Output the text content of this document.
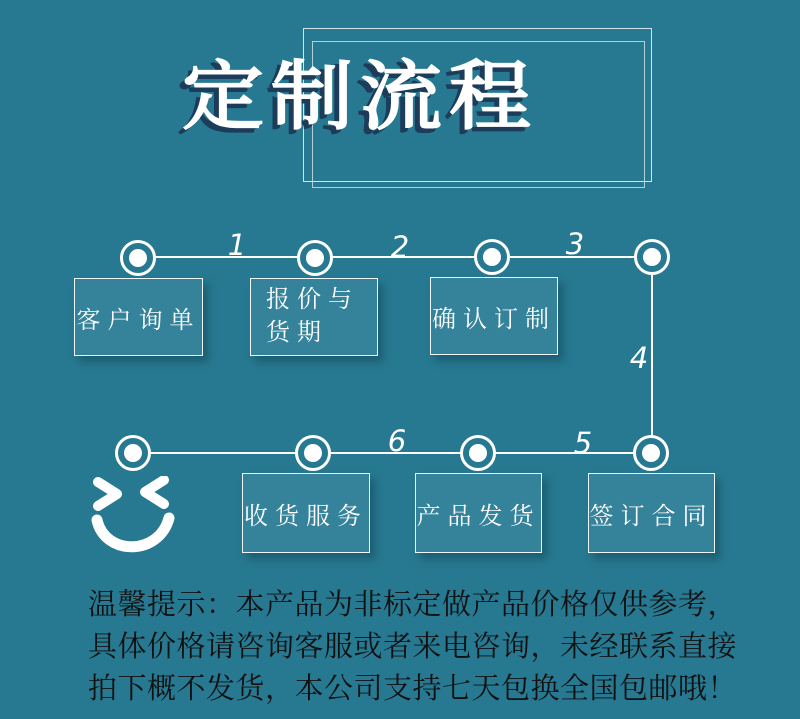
定制流程
1	2	3
4
5
6
客户询单
报价与
货期
确认订制
收货服务 产品发货 签订合同
温馨提示：本产品为非标定做产品价格仅供参考，
具体价格请咨询客服或者来电咨询，未经联系直接
拍下概不发货，本公司支持七天包换全国包邮哦！
